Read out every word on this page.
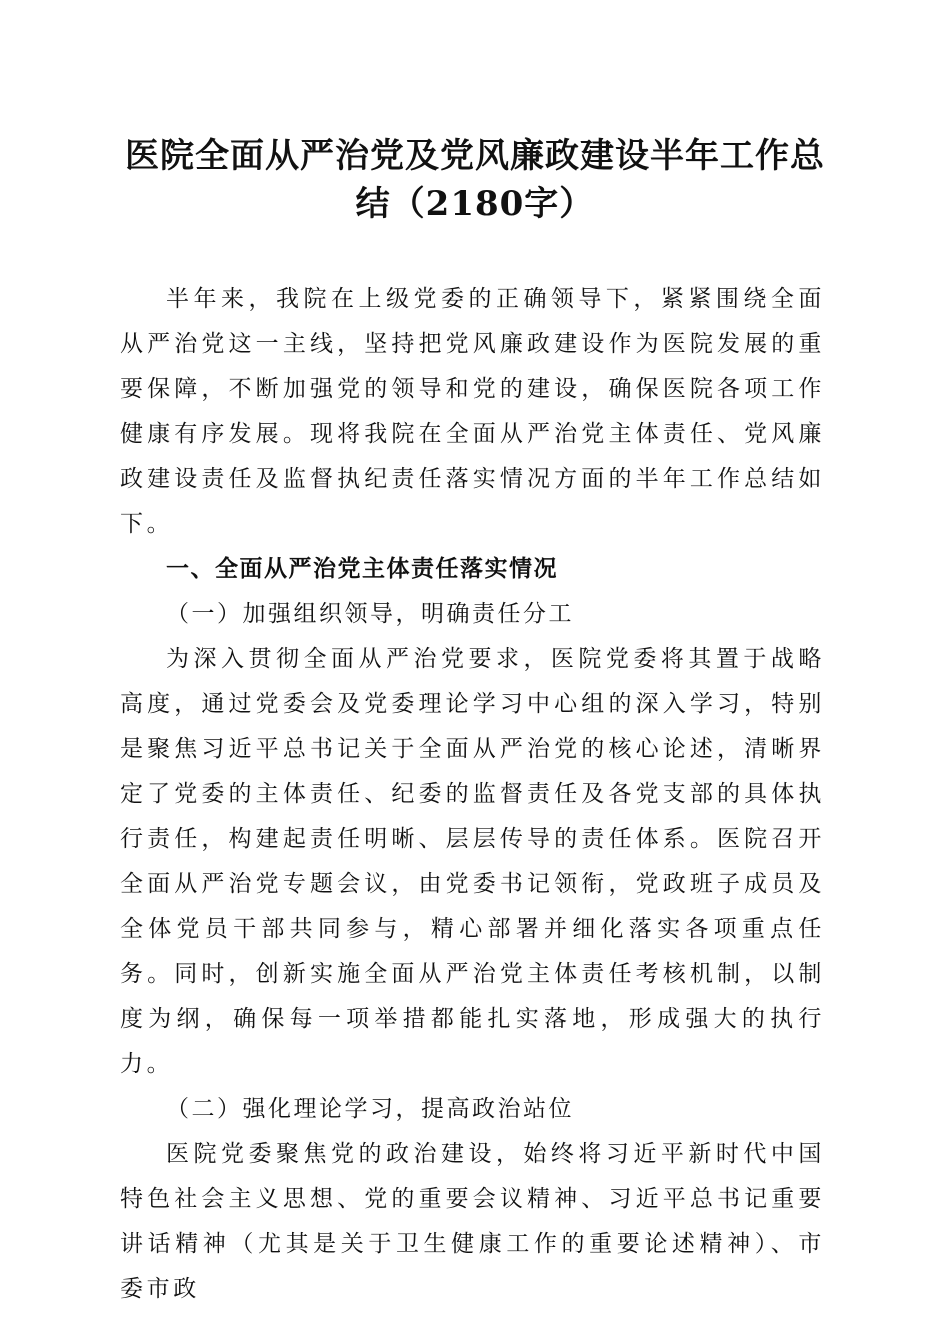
医院全面从严治党及党风廉政建设半年工作总结（2180字）

半年来，我院在上级党委的正确领导下，紧紧围绕全面从严治党这一主线，坚持把党风廉政建设作为医院发展的重要保障，不断加强党的领导和党的建设，确保医院各项工作健康有序发展。现将我院在全面从严治党主体责任、党风廉政建设责任及监督执纪责任落实情况方面的半年工作总结如下。

一、全面从严治党主体责任落实情况

（一）加强组织领导，明确责任分工

为深入贯彻全面从严治党要求，医院党委将其置于战略高度，通过党委会及党委理论学习中心组的深入学习，特别是聚焦习近平总书记关于全面从严治党的核心论述，清晰界定了党委的主体责任、纪委的监督责任及各党支部的具体执行责任，构建起责任明晰、层层传导的责任体系。医院召开全面从严治党专题会议，由党委书记领衔，党政班子成员及全体党员干部共同参与，精心部署并细化落实各项重点任务。同时，创新实施全面从严治党主体责任考核机制，以制度为纲，确保每一项举措都能扎实落地，形成强大的执行力。

（二）强化理论学习，提高政治站位

医院党委聚焦党的政治建设，始终将习近平新时代中国特色社会主义思想、党的重要会议精神、习近平总书记重要讲话精神（尤其是关于卫生健康工作的重要论述精神）、市委市政
